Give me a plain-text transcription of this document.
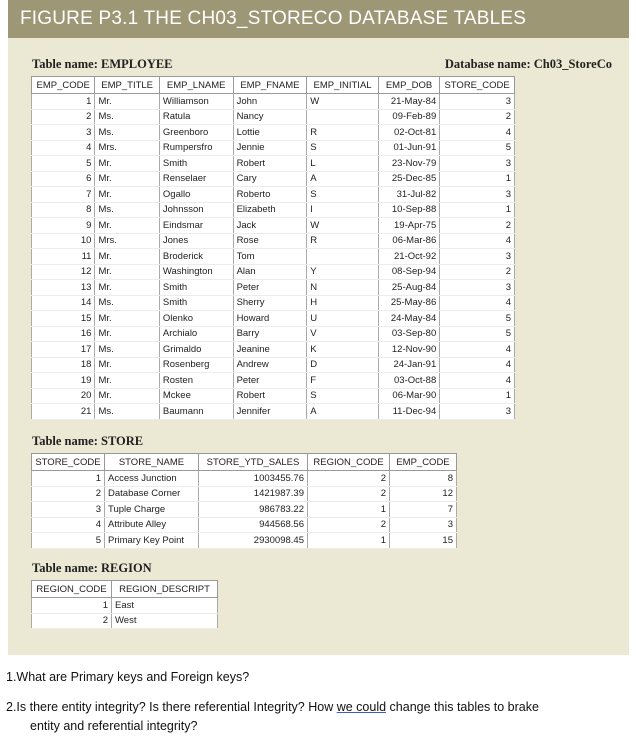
FIGURE P3.1 THE CH03_STORECO DATABASE TABLES
Table name: EMPLOYEE	Database name: Ch03_StoreCo
EMP_CODE	EMP_TITLE	EMP_LNAME	EMP_FNAME	EMP_INITIAL	EMP_DOB	STORE_CODE
1	Mr.	Williamson	John	W	21-May-84	3
2	Ms.	Ratula	Nancy		09-Feb-89	2
3	Ms.	Greenboro	Lottie	R	02-Oct-81	4
4	Mrs.	Rumpersfro	Jennie	S	01-Jun-91	5
5	Mr.	Smith	Robert	L	23-Nov-79	3
6	Mr.	Renselaer	Cary	A	25-Dec-85	1
7	Mr.	Ogallo	Roberto	S	31-Jul-82	3
8	Ms.	Johnsson	Elizabeth	I	10-Sep-88	1
9	Mr.	Eindsmar	Jack	W	19-Apr-75	2
10	Mrs.	Jones	Rose	R	06-Mar-86	4
11	Mr.	Broderick	Tom		21-Oct-92	3
12	Mr.	Washington	Alan	Y	08-Sep-94	2
13	Mr.	Smith	Peter	N	25-Aug-84	3
14	Ms.	Smith	Sherry	H	25-May-86	4
15	Mr.	Olenko	Howard	U	24-May-84	5
16	Mr.	Archialo	Barry	V	03-Sep-80	5
17	Ms.	Grimaldo	Jeanine	K	12-Nov-90	4
18	Mr.	Rosenberg	Andrew	D	24-Jan-91	4
19	Mr.	Rosten	Peter	F	03-Oct-88	4
20	Mr.	Mckee	Robert	S	06-Mar-90	1
21	Ms.	Baumann	Jennifer	A	11-Dec-94	3
Table name: STORE
STORE_CODE	STORE_NAME	STORE_YTD_SALES	REGION_CODE	EMP_CODE
1	Access Junction	1003455.76	2	8
2	Database Corner	1421987.39	2	12
3	Tuple Charge	986783.22	1	7
4	Attribute Alley	944568.56	2	3
5	Primary Key Point	2930098.45	1	15
Table name: REGION
REGION_CODE	REGION_DESCRIPT
1	East
2	West
1.What are Primary keys and Foreign keys?
2.Is there entity integrity? Is there referential Integrity? How we could change this tables to brake
entity and referential integrity?
